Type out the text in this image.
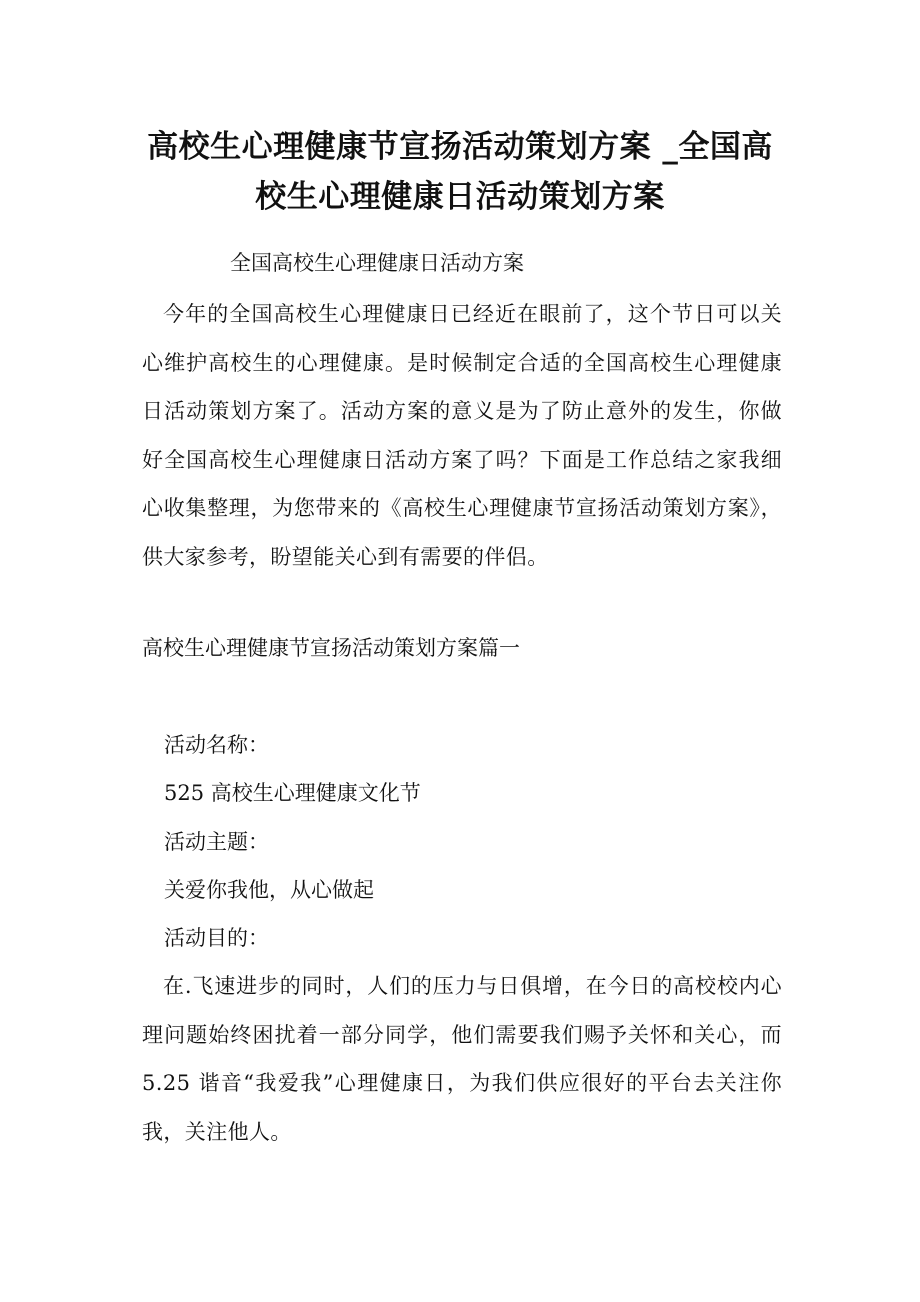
高校生心理健康节宣扬活动策划方案 _全国高校生心理健康日活动策划方案

全国高校生心理健康日活动方案

今年的全国高校生心理健康日已经近在眼前了，这个节日可以关心维护高校生的心理健康。是时候制定合适的全国高校生心理健康日活动策划方案了。活动方案的意义是为了防止意外的发生，你做好全国高校生心理健康日活动方案了吗？下面是工作总结之家我细心收集整理，为您带来的《高校生心理健康节宣扬活动策划方案》，供大家参考，盼望能关心到有需要的伴侣。

高校生心理健康节宣扬活动策划方案篇一

活动名称：

525 高校生心理健康文化节

活动主题：

关爱你我他，从心做起

活动目的：

在.飞速进步的同时，人们的压力与日俱增，在今日的高校校内心理问题始终困扰着一部分同学，他们需要我们赐予关怀和关心，而 5.25 谐音“我爱我”心理健康日，为我们供应很好的平台去关注你我，关注他人。
